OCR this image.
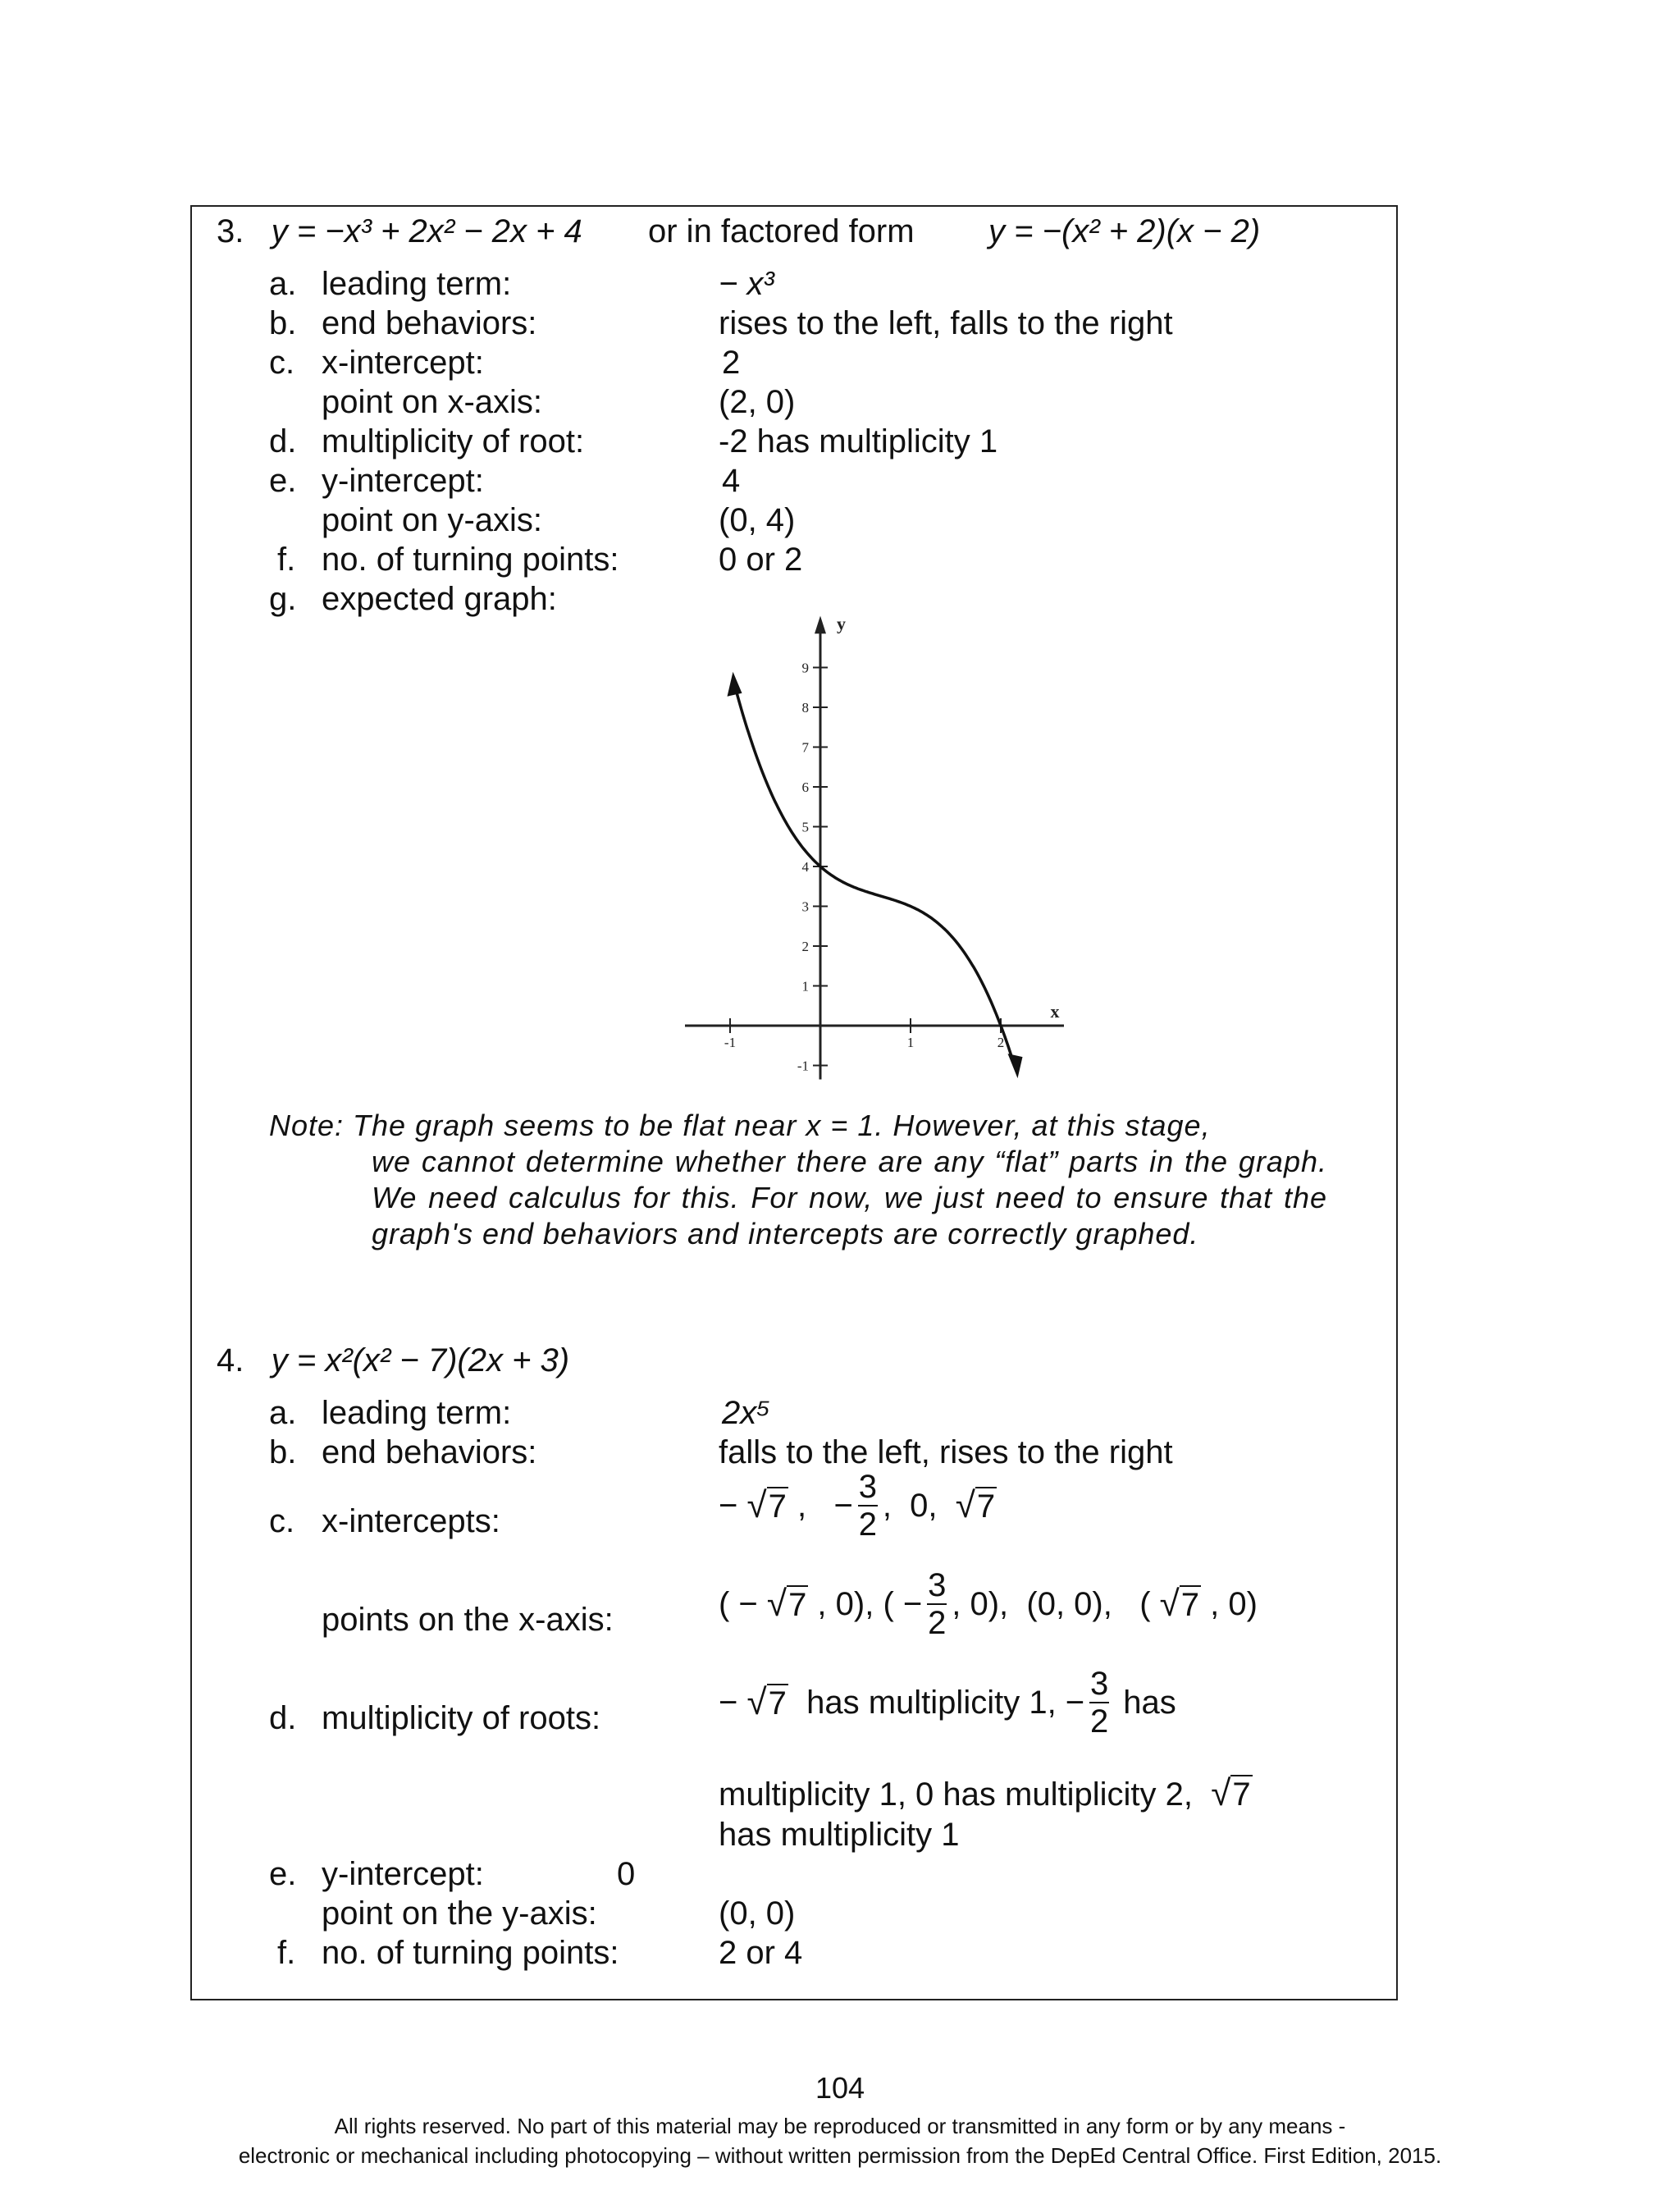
3. y = −x³ + 2x² − 2x + 4 or in factored form y = −(x² + 2)(x − 2)
a. leading term:	− x³
b. end behaviors:	rises to the left, falls to the right
c. x-intercept:	2
point on x-axis:	(2, 0)
d. multiplicity of root:	-2 has multiplicity 1
e. y-intercept:	4
point on y-axis:	(0, 4)
f. no. of turning points:	0 or 2
g. expected graph:
y
x
-1
1
2
3
4
5
6
7
8
9
-1	1	2
Note: The graph seems to be flat near x = 1. However, at this stage,
we cannot determine whether there are any “flat” parts in the graph. We need calculus for this. For now, we just need to ensure that the graph's end behaviors and intercepts are correctly graphed.
4. y = x²(x² − 7)(2x + 3)
a. leading term:	2x⁵
b. end behaviors:	falls to the left, rises to the right
c. x-intercepts:	− √7 ,   − $\frac{3}{2}$ ,  0, √7
points on the x-axis:	( − √7 , 0), ( − $\frac{3}{2}$ , 0),  (0, 0),   ( √7 , 0)
d. multiplicity of roots:	− √7 has multiplicity 1, − $\frac{3}{2}$ has
multiplicity 1, 0 has multiplicity 2, √7
has multiplicity 1
e. y-intercept:	0
point on the y-axis:	(0, 0)
f. no. of turning points:	2 or 4
104
All rights reserved. No part of this material may be reproduced or transmitted in any form or by any means -
electronic or mechanical including photocopying – without written permission from the DepEd Central Office. First Edition, 2015.
